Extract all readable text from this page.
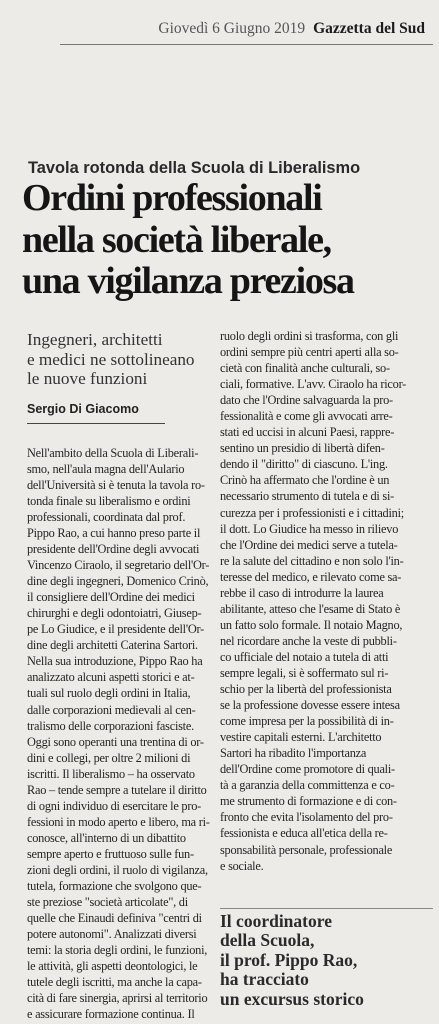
Giovedì 6 Giugno 2019 Gazzetta del Sud
Tavola rotonda della Scuola di Liberalismo
Ordini professionali
nella società liberale,
una vigilanza preziosa

Ingegneri, architetti
e medici ne sottolineano
le nuove funzioni

Sergio Di Giacomo
Nell'ambito della Scuola di Liberali-
smo, nell'aula magna dell'Aulario
dell'Università si è tenuta la tavola ro-
tonda finale su liberalismo e ordini
professionali, coordinata dal prof.
Pippo Rao, a cui hanno preso parte il
presidente dell'Ordine degli avvocati
Vincenzo Ciraolo, il segretario dell'Or-
dine degli ingegneri, Domenico Crinò,
il consigliere dell'Ordine dei medici
chirurghi e degli odontoiatri, Giusep-
pe Lo Giudice, e il presidente dell'Or-
dine degli architetti Caterina Sartori.
Nella sua introduzione, Pippo Rao ha
analizzato alcuni aspetti storici e at-
tuali sul ruolo degli ordini in Italia,
dalle corporazioni medievali al cen-
tralismo delle corporazioni fasciste.
Oggi sono operanti una trentina di or-
dini e collegi, per oltre 2 milioni di
iscritti. Il liberalismo – ha osservato
Rao – tende sempre a tutelare il diritto
di ogni individuo di esercitare le pro-
fessioni in modo aperto e libero, ma ri-
conosce, all'interno di un dibattito
sempre aperto e fruttuoso sulle fun-
zioni degli ordini, il ruolo di vigilanza,
tutela, formazione che svolgono que-
ste preziose "società articolate", di
quelle che Einaudi definiva "centri di
potere autonomi". Analizzati diversi
temi: la storia degli ordini, le funzioni,
le attività, gli aspetti deontologici, le
tutele degli iscritti, ma anche la capa-
cità di fare sinergia, aprirsi al territorio
e assicurare formazione continua. Il
ruolo degli ordini si trasforma, con gli
ordini sempre più centri aperti alla so-
cietà con finalità anche culturali, so-
ciali, formative. L'avv. Ciraolo ha ricor-
dato che l'Ordine salvaguarda la pro-
fessionalità e come gli avvocati arre-
stati ed uccisi in alcuni Paesi, rappre-
sentino un presidio di libertà difen-
dendo il "diritto" di ciascuno. L'ing.
Crinò ha affermato che l'ordine è un
necessario strumento di tutela e di si-
curezza per i professionisti e i cittadini;
il dott. Lo Giudice ha messo in rilievo
che l'Ordine dei medici serve a tutela-
re la salute del cittadino e non solo l'in-
teresse del medico, e rilevato come sa-
rebbe il caso di introdurre la laurea
abilitante, atteso che l'esame di Stato è
un fatto solo formale. Il notaio Magno,
nel ricordare anche la veste di pubbli-
co ufficiale del notaio a tutela di atti
sempre legali, si è soffermato sul ri-
schio per la libertà del professionista
se la professione dovesse essere intesa
come impresa per la possibilità di in-
vestire capitali esterni. L'architetto
Sartori ha ribadito l'importanza
dell'Ordine come promotore di quali-
tà a garanzia della committenza e co-
me strumento di formazione e di con-
fronto che evita l'isolamento del pro-
fessionista e educa all'etica della re-
sponsabilità personale, professionale
e sociale.
Il coordinatore
della Scuola,
il prof. Pippo Rao,
ha tracciato
un excursus storico
